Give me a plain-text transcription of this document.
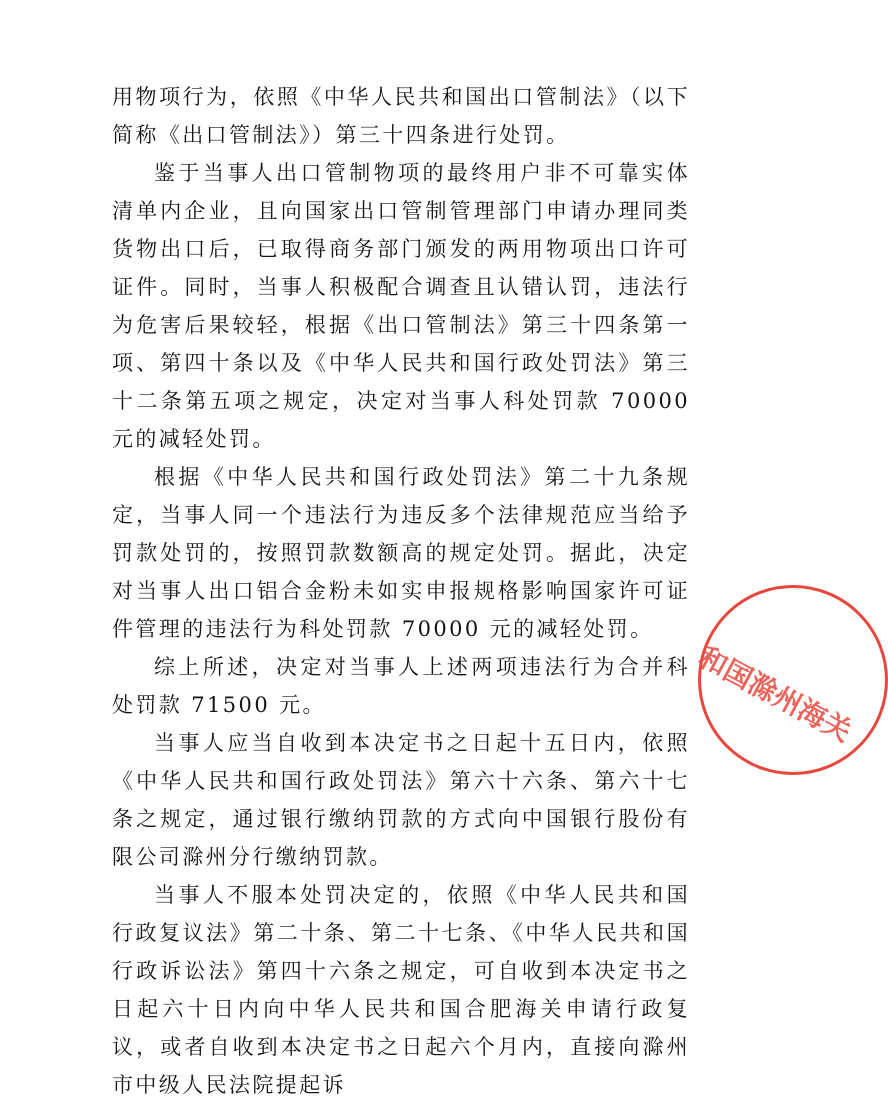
用物项行为，依照《中华人民共和国出口管制法》（以下简称《出口管制法》）第三十四条进行处罚。

鉴于当事人出口管制物项的最终用户非不可靠实体清单内企业，且向国家出口管制管理部门申请办理同类货物出口后，已取得商务部门颁发的两用物项出口许可证件。同时，当事人积极配合调查且认错认罚，违法行为危害后果较轻，根据《出口管制法》第三十四条第一项、第四十条以及《中华人民共和国行政处罚法》第三十二条第五项之规定，决定对当事人科处罚款 70000 元的减轻处罚。

根据《中华人民共和国行政处罚法》第二十九条规定，当事人同一个违法行为违反多个法律规范应当给予罚款处罚的，按照罚款数额高的规定处罚。据此，决定对当事人出口铝合金粉未如实申报规格影响国家许可证件管理的违法行为科处罚款 70000 元的减轻处罚。

综上所述，决定对当事人上述两项违法行为合并科处罚款 71500 元。

当事人应当自收到本决定书之日起十五日内，依照《中华人民共和国行政处罚法》第六十六条、第六十七条之规定，通过银行缴纳罚款的方式向中国银行股份有限公司滁州分行缴纳罚款。

当事人不服本处罚决定的，依照《中华人民共和国行政复议法》第二十条、第二十七条、《中华人民共和国行政诉讼法》第四十六条之规定，可自收到本决定书之日起六十日内向中华人民共和国合肥海关申请行政复议，或者自收到本决定书之日起六个月内，直接向滁州市中级人民法院提起诉

和国滁州海关
